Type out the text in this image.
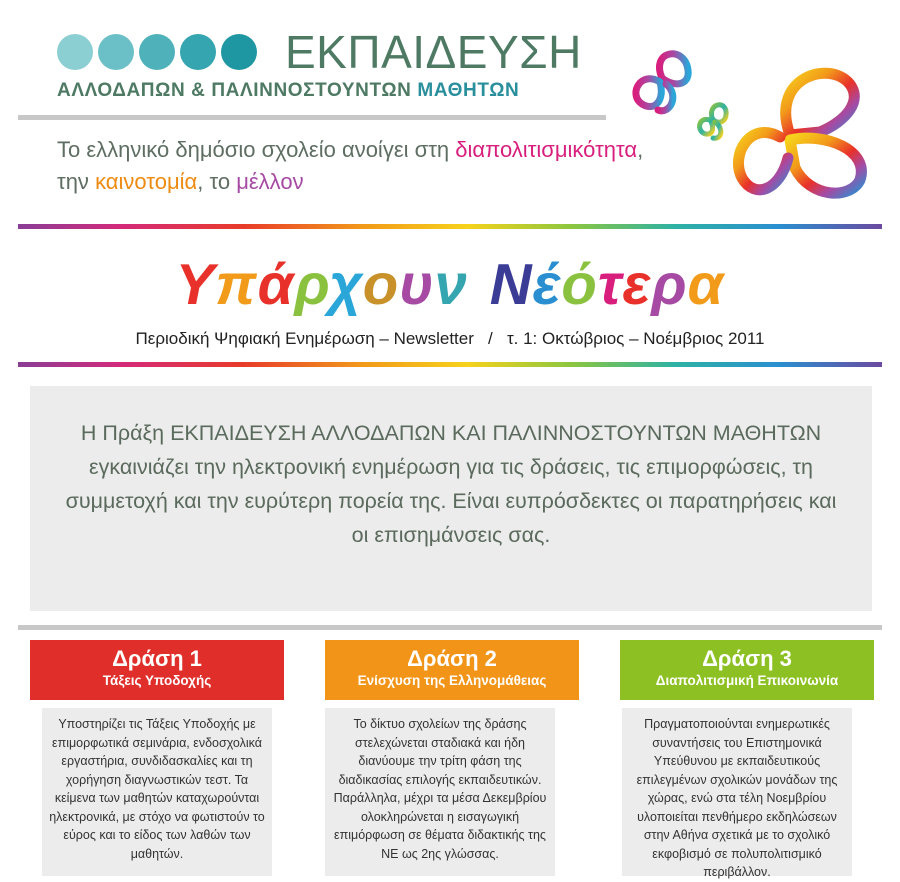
ΕΚΠΑΙΔΕΥΣΗ
ΑΛΛΟΔΑΠΩΝ & ΠΑΛΙΝΝΟΣΤΟΥΝΤΩΝ ΜΑΘΗΤΩΝ
Το ελληνικό δημόσιο σχολείο ανοίγει στη διαπολιτισμικότητα,
την καινοτομία, το μέλλον
Υπάρχουν Νέότερα
Περιοδική Ψηφιακή Ενημέρωση – Newsletter   /   τ. 1: Οκτώβριος – Νοέμβριος 2011
Η Πράξη ΕΚΠΑΙΔΕΥΣΗ ΑΛΛΟΔΑΠΩΝ ΚΑΙ ΠΑΛΙΝΝΟΣΤΟΥΝΤΩΝ ΜΑΘΗΤΩΝ εγκαινιάζει την ηλεκτρονική ενημέρωση για τις δράσεις, τις επιμορφώσεις, τη συμμετοχή και την ευρύτερη πορεία της. Είναι ευπρόσδεκτες οι παρατηρήσεις και οι επισημάνσεις σας.
Δράση 1
Τάξεις Υποδοχής
Υποστηρίζει τις Τάξεις Υποδοχής με επιμορφωτικά σεμινάρια, ενδοσχολικά εργαστήρια, συνδιδασκαλίες και τη χορήγηση διαγνωστικών τεστ. Τα κείμενα των μαθητών καταχωρούνται ηλεκτρονικά, με στόχο να φωτιστούν το εύρος και το είδος των λαθών των μαθητών.
Δράση 2
Ενίσχυση της Ελληνομάθειας
Το δίκτυο σχολείων της δράσης στελεχώνεται σταδιακά και ήδη διανύουμε την τρίτη φάση της διαδικασίας επιλογής εκπαιδευτικών. Παράλληλα, μέχρι τα μέσα Δεκεμβρίου ολοκληρώνεται η εισαγωγική επιμόρφωση σε θέματα διδακτικής της ΝΕ ως 2ης γλώσσας.
Δράση 3
Διαπολιτισμική Επικοινωνία
Πραγματοποιούνται ενημερωτικές συναντήσεις του Επιστημονικά Υπεύθυνου με εκπαιδευτικούς επιλεγμένων σχολικών μονάδων της χώρας, ενώ στα τέλη Νοεμβρίου υλοποιείται πενθήμερο εκδηλώσεων στην Αθήνα σχετικά με το σχολικό εκφοβισμό σε πολυπολιτισμικό περιβάλλον.
